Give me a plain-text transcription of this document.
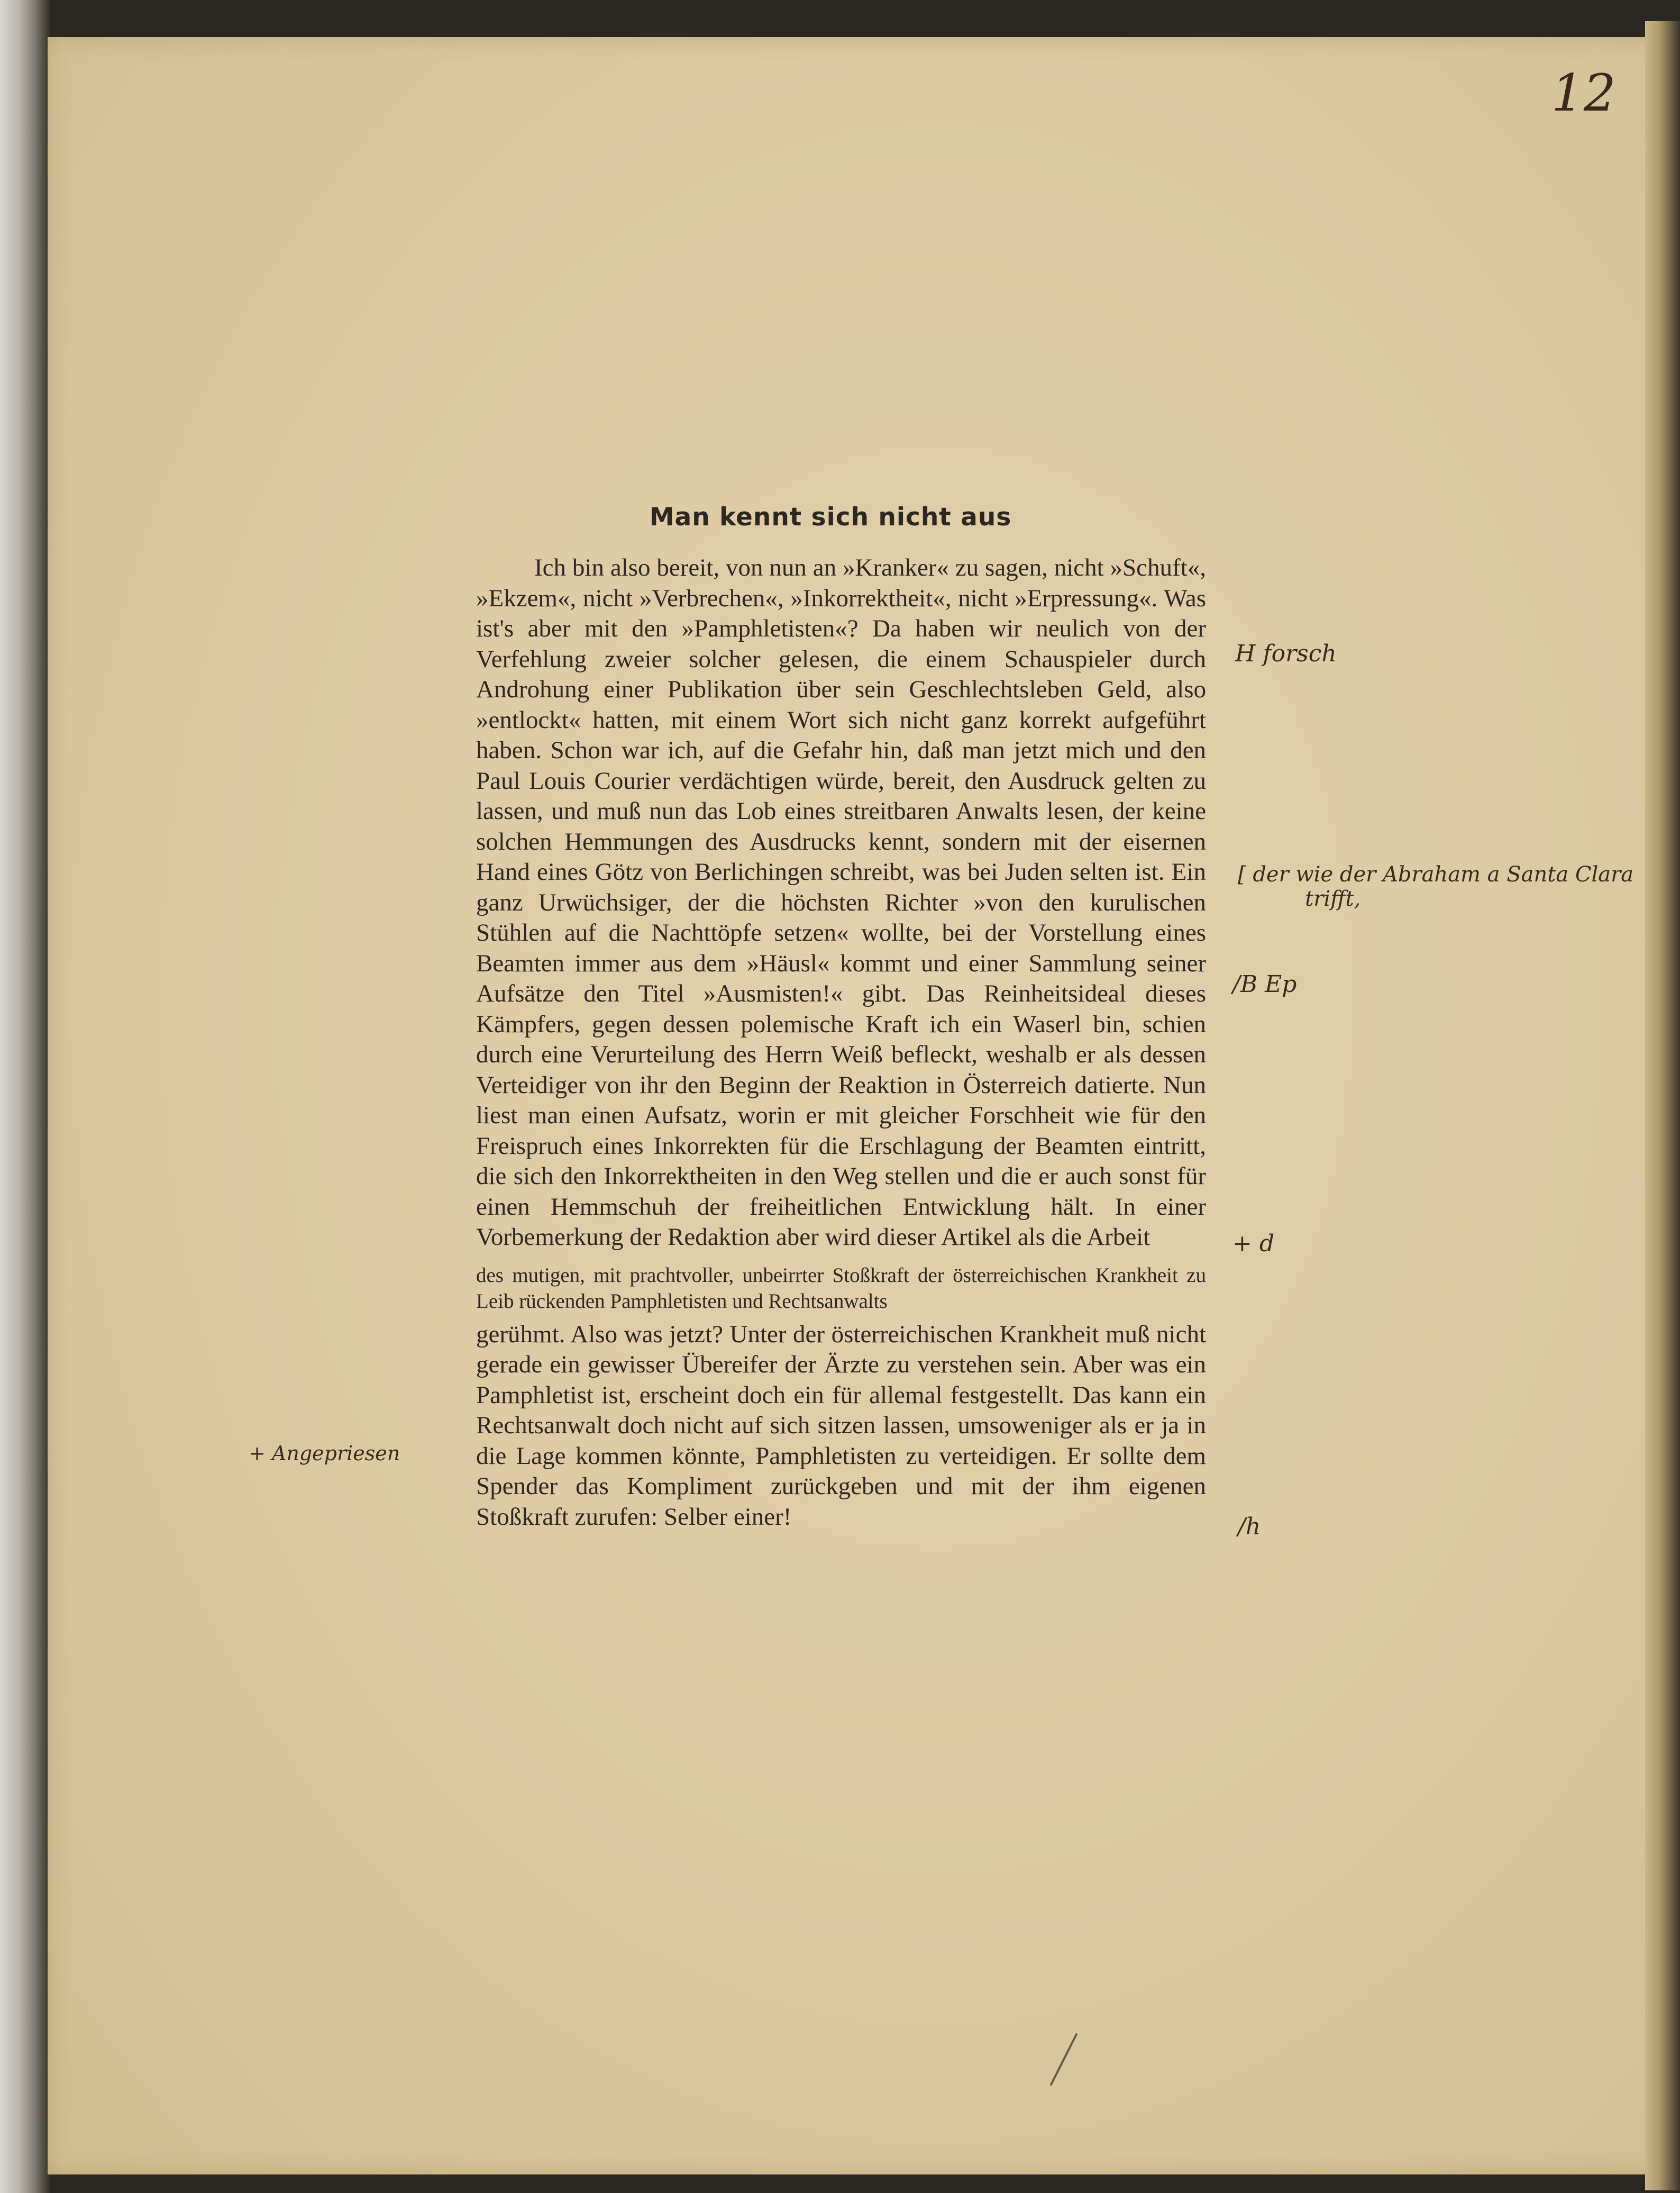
12

Man kennt sich nicht aus

Ich bin also bereit, von nun an »Kranker« zu sagen, nicht »Schuft«, »Ekzem«, nicht »Verbrechen«, »Inkorrektheit«, nicht »Erpressung«. Was ist's aber mit den »Pamphletisten«? Da haben wir neulich von der Verfehlung zweier solcher gelesen, die einem Schauspieler durch Androhung einer Publikation über sein Geschlechtsleben Geld, also »entlockt« hatten, mit einem Wort sich nicht ganz korrekt aufgeführt haben. Schon war ich, auf die Gefahr hin, daß man jetzt mich und den Paul Louis Courier verdächtigen würde, bereit, den Ausdruck gelten zu lassen, und muß nun das Lob eines streitbaren Anwalts lesen, der keine solchen Hemmungen des Ausdrucks kennt, sondern mit der eisernen Hand eines Götz von Berlichingen schreibt, was bei Juden selten ist. Ein ganz Urwüchsiger, der die höchsten Richter »von den kurulischen Stühlen auf die Nachttöpfe setzen« wollte, bei der Vorstellung eines Beamten immer aus dem »Häusl« kommt und einer Sammlung seiner Aufsätze den Titel »Ausmisten!« gibt. Das Reinheitsideal dieses Kämpfers, gegen dessen polemische Kraft ich ein Waserl bin, schien durch eine Verurteilung des Herrn Weiß befleckt, weshalb er als dessen Verteidiger von ihr den Beginn der Reaktion in Österreich datierte. Nun liest man einen Aufsatz, worin er mit gleicher Forschheit wie für den Freispruch eines Inkorrekten für die Erschlagung der Beamten eintritt, die sich den Inkorrektheiten in den Weg stellen und die er auch sonst für einen Hemmschuh der freiheitlichen Entwicklung hält. In einer Vorbemerkung der Redaktion aber wird dieser Artikel als die Arbeit

des mutigen, mit prachtvoller, unbeirrter Stoßkraft der österreichischen Krankheit zu Leib rückenden Pamphletisten und Rechtsanwalts

gerühmt. Also was jetzt? Unter der österreichischen Krankheit muß nicht gerade ein gewisser Übereifer der Ärzte zu verstehen sein. Aber was ein Pamphletist ist, erscheint doch ein für allemal festgestellt. Das kann ein Rechtsanwalt doch nicht auf sich sitzen lassen, umsoweniger als er ja in die Lage kommen könnte, Pamphletisten zu verteidigen. Er sollte dem Spender das Kompliment zurückgeben und mit der ihm eigenen Stoßkraft zurufen: Selber einer!

H forsch

[ der wie der Abraham a Santa Clara
trifft,

/B Ep

+ d

+ Angepriesen

/h
